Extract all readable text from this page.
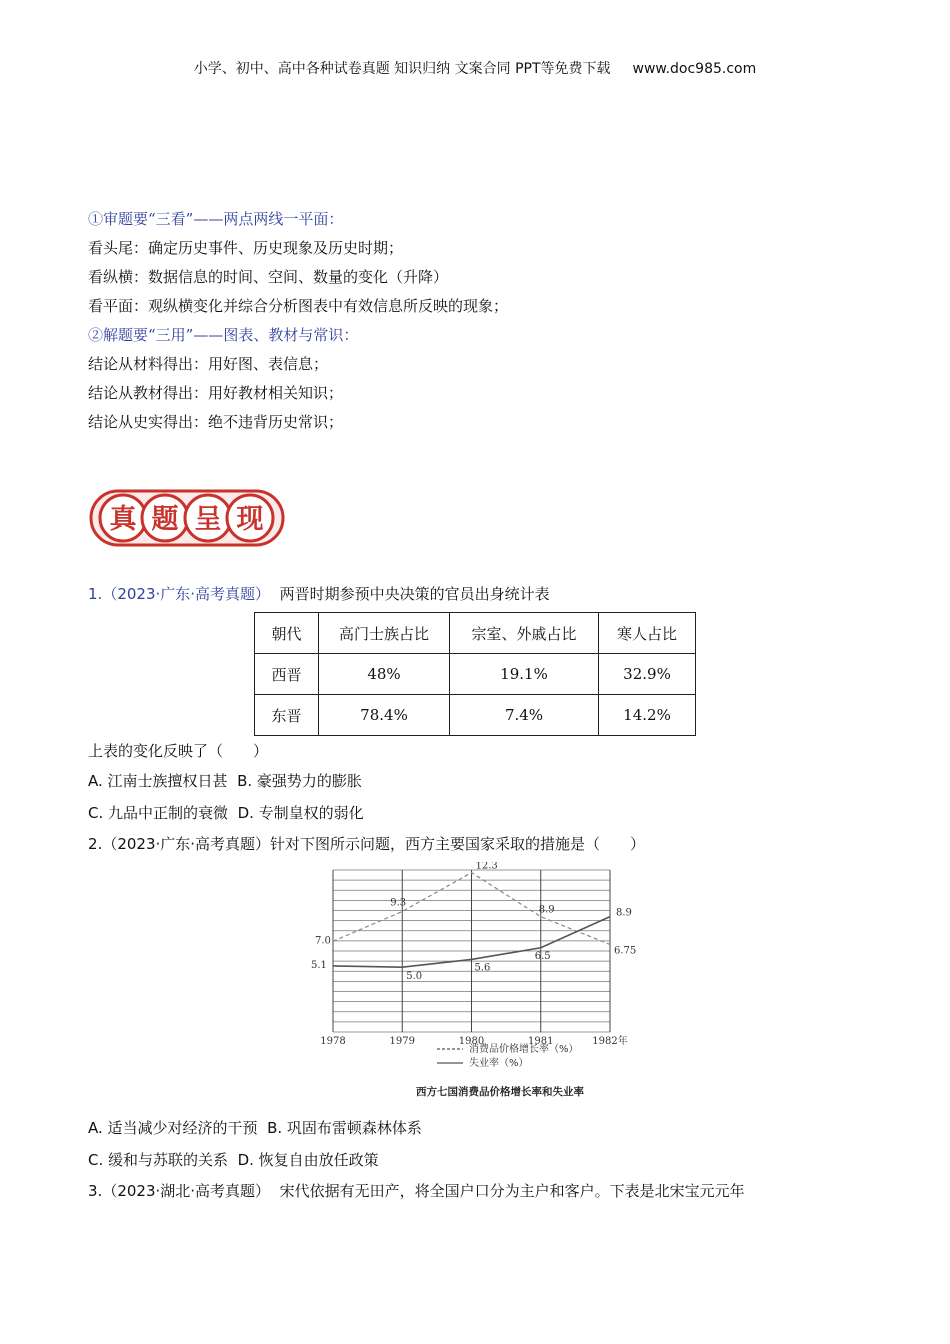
小学、初中、高中各种试卷真题 知识归纳 文案合同 PPT等免费下载 www.doc985.com
①审题要“三看”——两点两线一平面：
看头尾：确定历史事件、历史现象及历史时期；
看纵横：数据信息的时间、空间、数量的变化（升降）
看平面：观纵横变化并综合分析图表中有效信息所反映的现象；
②解题要“三用”——图表、教材与常识：
结论从材料得出：用好图、表信息；
结论从教材得出：用好教材相关知识；
结论从史实得出：绝不违背历史常识；
真 题 呈 现
1.（2023·广东·高考真题） 两晋时期参预中央决策的官员出身统计表
朝代	高门士族占比	宗室、外戚占比	寒人占比
西晋	48%	19.1%	32.9%
东晋	78.4%	7.4%	14.2%
上表的变化反映了（　　）
A. 江南士族擅权日甚 B. 豪强势力的膨胀
C. 九品中正制的衰微 D. 专制皇权的弱化
2.（2023·广东·高考真题）针对下图所示问题，西方主要国家采取的措施是（　　）
1978	1979	1980	1981	1982年
7.0
9.3
12.3
8.9
6.75
5.1
5.0
5.6
6.5
8.9
消费品价格增长率（%）
失业率（%）
西方七国消费品价格增长率和失业率
A. 适当减少对经济的干预 B. 巩固布雷顿森林体系
C. 缓和与苏联的关系 D. 恢复自由放任政策
3.（2023·湖北·高考真题） 宋代依据有无田产，将全国户口分为主户和客户。下表是北宋宝元元年
